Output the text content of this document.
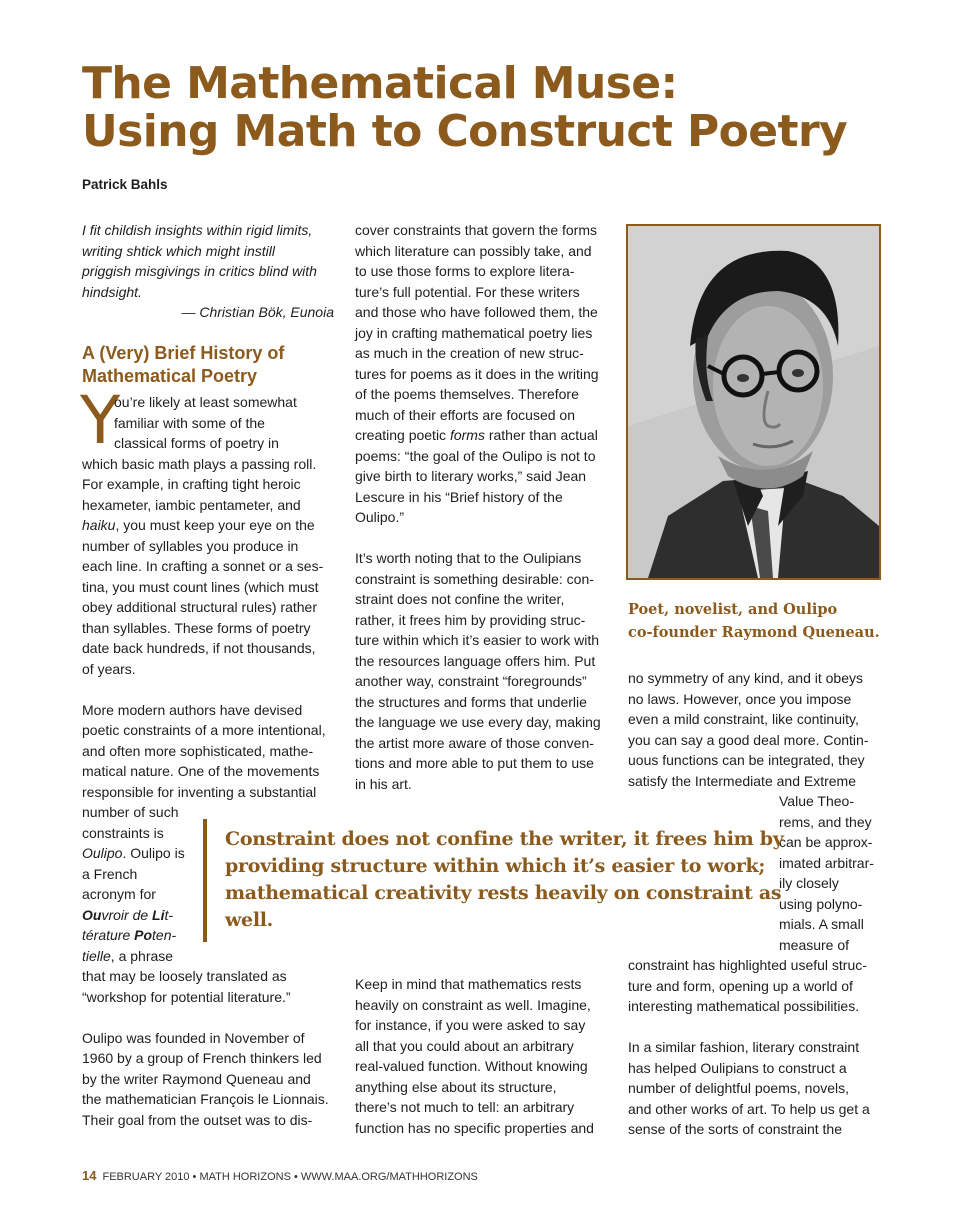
The Mathematical Muse:
Using Math to Construct Poetry
Patrick Bahls
I fit childish insights within rigid limits,
writing shtick which might instill
priggish misgivings in critics blind with
hindsight.
— Christian Bök, Eunoia
A (Very) Brief History of
Mathematical Poetry
Y
ou’re likely at least somewhat
familiar with some of the
classical forms of poetry in
which basic math plays a passing roll.
For example, in crafting tight heroic
hexameter, iambic pentameter, and
haiku, you must keep your eye on the
number of syllables you produce in
each line. In crafting a sonnet or a ses-
tina, you must count lines (which must
obey additional structural rules) rather
than syllables. These forms of poetry
date back hundreds, if not thousands,
of years.
More modern authors have devised
poetic constraints of a more intentional,
and often more sophisticated, mathe-
matical nature. One of the movements
responsible for inventing a substantial
number of such
constraints is
Oulipo. Oulipo is
a French
acronym for
Ouvroir de Lit-
térature Poten-
tielle, a phrase
that may be loosely translated as
“workshop for potential literature.”
Oulipo was founded in November of
1960 by a group of French thinkers led
by the writer Raymond Queneau and
the mathematician François le Lionnais.
Their goal from the outset was to dis-
cover constraints that govern the forms
which literature can possibly take, and
to use those forms to explore litera-
ture’s full potential. For these writers
and those who have followed them, the
joy in crafting mathematical poetry lies
as much in the creation of new struc-
tures for poems as it does in the writing
of the poems themselves. Therefore
much of their efforts are focused on
creating poetic forms rather than actual
poems: “the goal of the Oulipo is not to
give birth to literary works,” said Jean
Lescure in his “Brief history of the
Oulipo.”
It’s worth noting that to the Oulipians
constraint is something desirable: con-
straint does not confine the writer,
rather, it frees him by providing struc-
ture within which it’s easier to work with
the resources language offers him. Put
another way, constraint “foregrounds”
the structures and forms that underlie
the language we use every day, making
the artist more aware of those conven-
tions and more able to put them to use
in his art.
Keep in mind that mathematics rests
heavily on constraint as well. Imagine,
for instance, if you were asked to say
all that you could about an arbitrary
real-valued function. Without knowing
anything else about its structure,
there’s not much to tell: an arbitrary
function has no specific properties and
Poet, novelist, and Oulipo
co-founder Raymond Queneau.
no symmetry of any kind, and it obeys
no laws. However, once you impose
even a mild constraint, like continuity,
you can say a good deal more. Contin-
uous functions can be integrated, they
satisfy the Intermediate and Extreme
Value Theo-
rems, and they
can be approx-
imated arbitrar-
ily closely
using polyno-
mials. A small
measure of
constraint has highlighted useful struc-
ture and form, opening up a world of
interesting mathematical possibilities.
In a similar fashion, literary constraint
has helped Oulipians to construct a
number of delightful poems, novels,
and other works of art. To help us get a
sense of the sorts of constraint the
Constraint does not confine the writer, it frees him by
providing structure within which it’s easier to work;
mathematical creativity rests heavily on constraint as
well.
14 FEBRUARY 2010 • MATH HORIZONS • WWW.MAA.ORG/MATHHORIZONS
